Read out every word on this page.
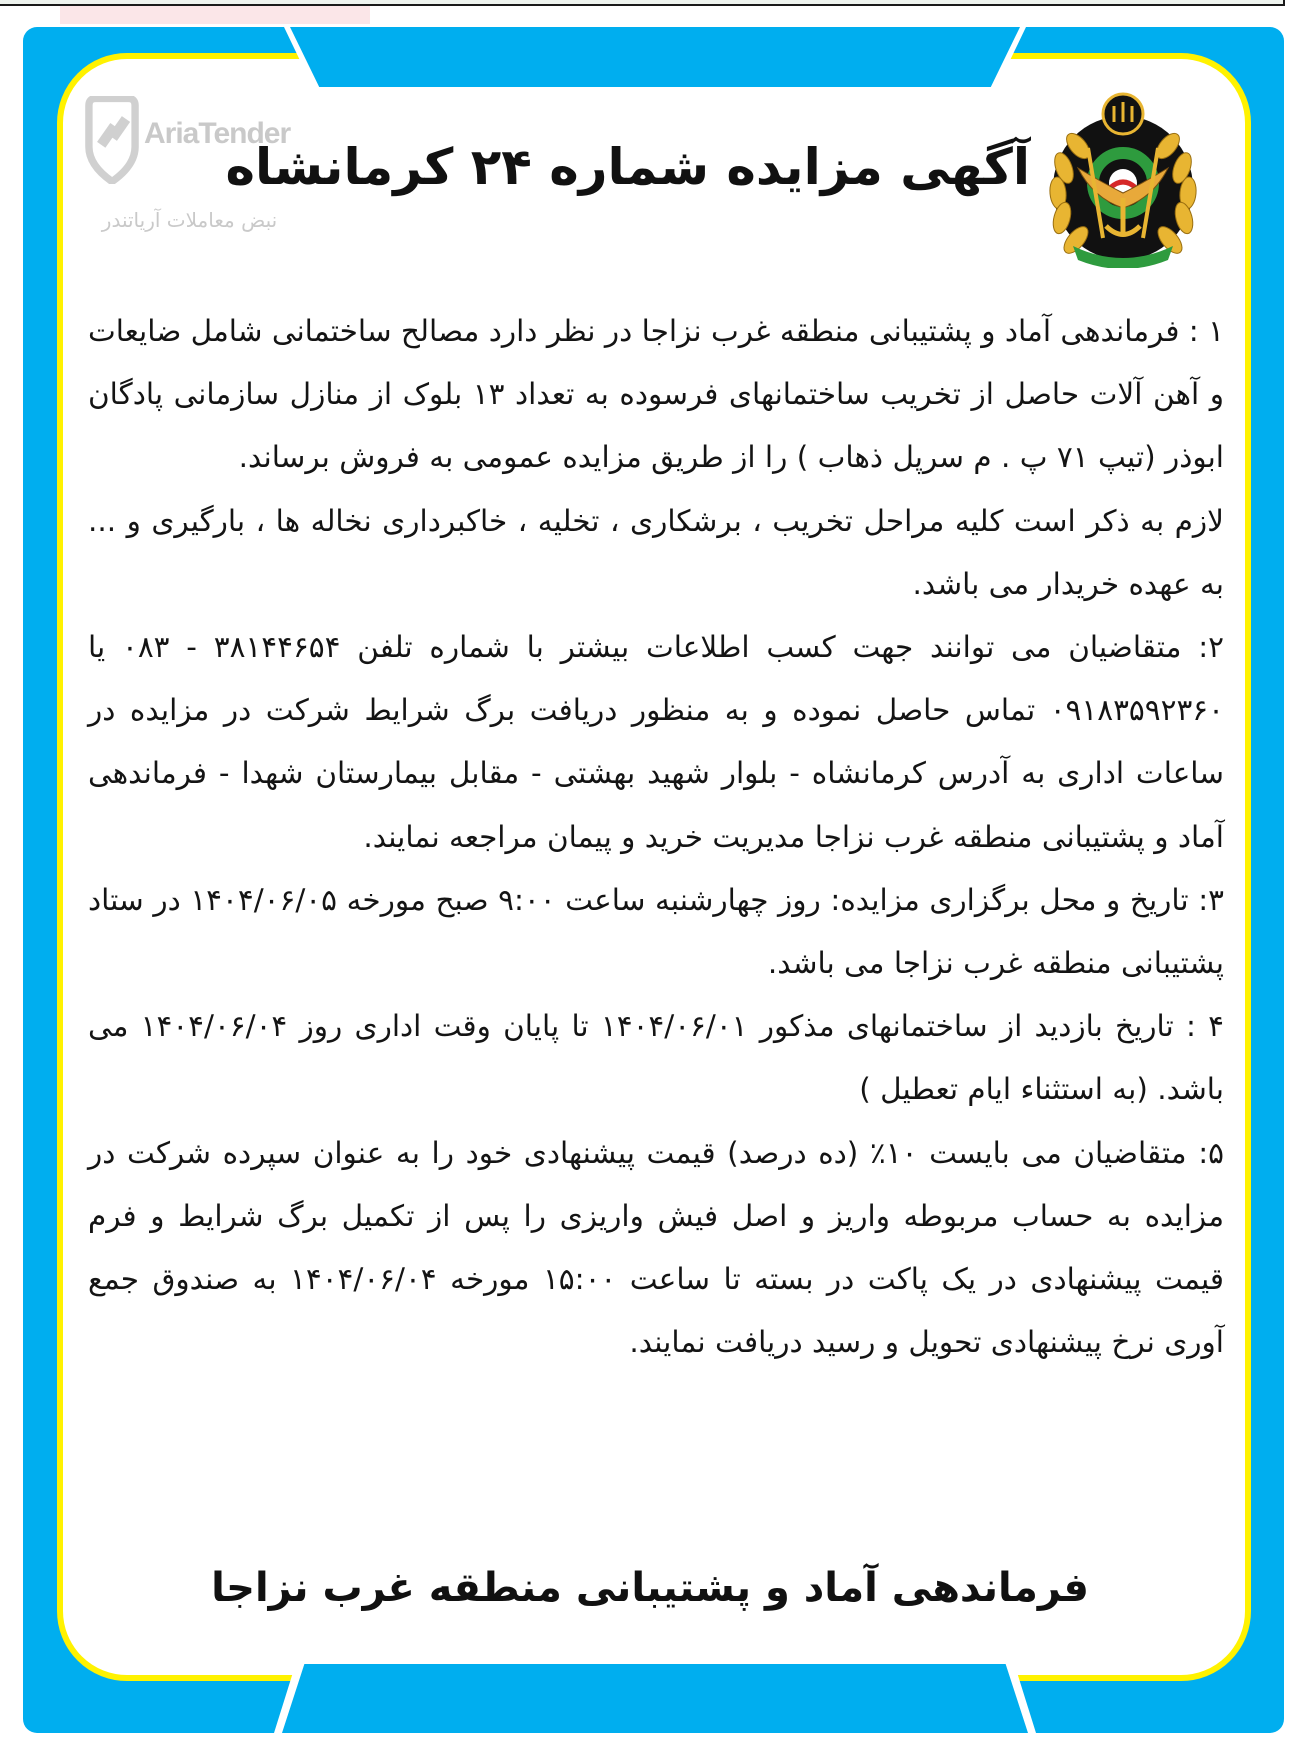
آگهی مزایده شماره ۲۴ کرمانشاه
AriaTender
نبض معاملات آریاتندر

۱ : فرماندهی آماد و پشتیبانی منطقه غرب نزاجا در نظر دارد مصالح ساختمانی شامل ضایعات و آهن آلات حاصل از تخریب ساختمانهای فرسوده به تعداد ۱۳ بلوک از منازل سازمانی پادگان ابوذر (تیپ ۷۱ پ . م سرپل ذهاب ) را از طریق مزایده عمومی به فروش برساند.

لازم به ذکر است کلیه مراحل تخریب ، برشکاری ، تخلیه ، خاکبرداری نخاله ها ، بارگیری و ... به عهده خریدار می باشد.

۲: متقاضیان می توانند جهت کسب اطلاعات بیشتر با شماره تلفن ۳۸۱۴۴۶۵۴ - ۰۸۳ یا ۰۹۱۸۳۵۹۲۳۶۰ تماس حاصل نموده و به منظور دریافت برگ شرایط شرکت در مزایده در ساعات اداری به آدرس کرمانشاه - بلوار شهید بهشتی - مقابل بیمارستان شهدا - فرماندهی آماد و پشتیبانی منطقه غرب نزاجا مدیریت خرید و پیمان مراجعه نمایند.

۳: تاریخ و محل برگزاری مزایده: روز چهارشنبه ساعت ۹:۰۰ صبح مورخه ۱۴۰۴/۰۶/۰۵ در ستاد پشتیبانی منطقه غرب نزاجا می باشد.

۴ : تاریخ بازدید از ساختمانهای مذکور ۱۴۰۴/۰۶/۰۱ تا پایان وقت اداری روز ۱۴۰۴/۰۶/۰۴ می باشد. (به استثناء ایام تعطیل )

۵: متقاضیان می بایست ۱۰٪ (ده درصد) قیمت پیشنهادی خود را به عنوان سپرده شرکت در مزایده به حساب مربوطه واریز و اصل فیش واریزی را پس از تکمیل برگ شرایط و فرم قیمت پیشنهادی در یک پاکت در بسته تا ساعت ۱۵:۰۰ مورخه ۱۴۰۴/۰۶/۰۴ به صندوق جمع آوری نرخ پیشنهادی تحویل و رسید دریافت نمایند.

فرماندهی آماد و پشتیبانی منطقه غرب نزاجا
